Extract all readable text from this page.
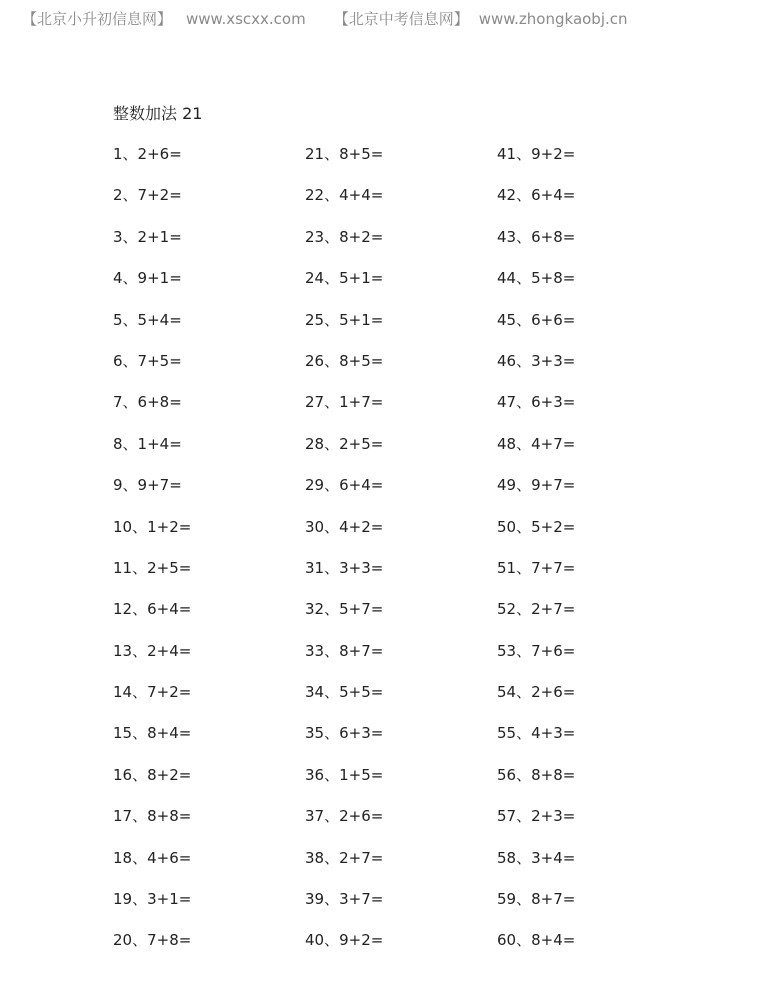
【北京小升初信息网】 www.xscxx.com 【北京中考信息网】 www.zhongkaobj.cn
整数加法 21
1、2+6=
2、7+2=
3、2+1=
4、9+1=
5、5+4=
6、7+5=
7、6+8=
8、1+4=
9、9+7=
10、1+2=
11、2+5=
12、6+4=
13、2+4=
14、7+2=
15、8+4=
16、8+2=
17、8+8=
18、4+6=
19、3+1=
20、7+8=
21、8+5=
22、4+4=
23、8+2=
24、5+1=
25、5+1=
26、8+5=
27、1+7=
28、2+5=
29、6+4=
30、4+2=
31、3+3=
32、5+7=
33、8+7=
34、5+5=
35、6+3=
36、1+5=
37、2+6=
38、2+7=
39、3+7=
40、9+2=
41、9+2=
42、6+4=
43、6+8=
44、5+8=
45、6+6=
46、3+3=
47、6+3=
48、4+7=
49、9+7=
50、5+2=
51、7+7=
52、2+7=
53、7+6=
54、2+6=
55、4+3=
56、8+8=
57、2+3=
58、3+4=
59、8+7=
60、8+4=
